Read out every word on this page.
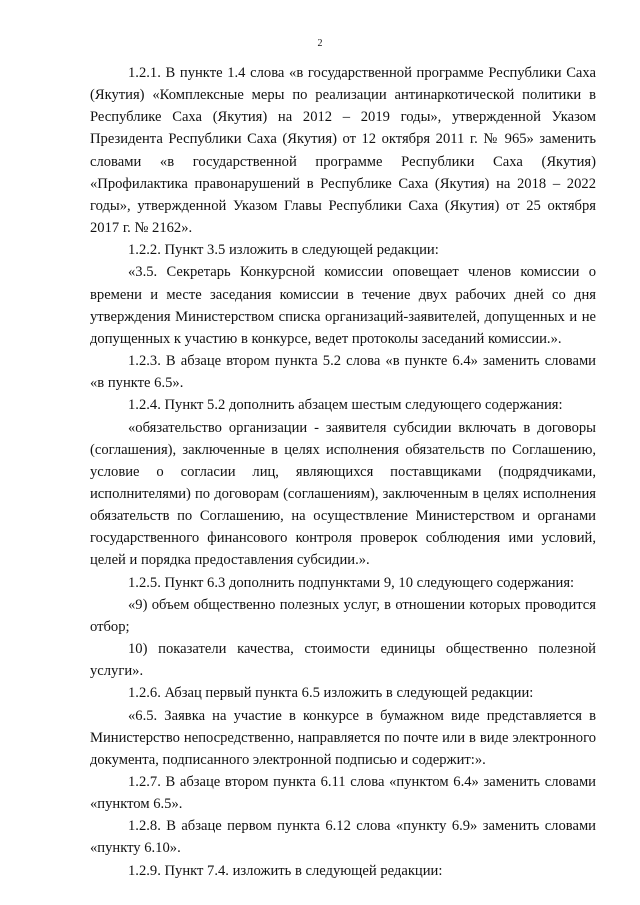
2

1.2.1. В пункте 1.4 слова «в государственной программе Республики Саха (Якутия) «Комплексные меры по реализации антинаркотической политики в Республике Саха (Якутия) на 2012 – 2019 годы», утвержденной Указом Президента Республики Саха (Якутия) от 12 октября 2011 г. № 965» заменить словами «в государственной программе Республики Саха (Якутия) «Профилактика правонарушений в Республике Саха (Якутия) на 2018 – 2022 годы», утвержденной Указом Главы Республики Саха (Якутия) от 25 октября 2017 г. № 2162».

1.2.2. Пункт 3.5 изложить в следующей редакции:

«3.5. Секретарь Конкурсной комиссии оповещает членов комиссии о времени и месте заседания комиссии в течение двух рабочих дней со дня утверждения Министерством списка организаций-заявителей, допущенных и не допущенных к участию в конкурсе, ведет протоколы заседаний комиссии.».

1.2.3. В абзаце втором пункта 5.2 слова «в пункте 6.4» заменить словами «в пункте 6.5».

1.2.4. Пункт 5.2 дополнить абзацем шестым следующего содержания:

«обязательство организации - заявителя субсидии включать в договоры (соглашения), заключенные в целях исполнения обязательств по Соглашению, условие о согласии лиц, являющихся поставщиками (подрядчиками, исполнителями) по договорам (соглашениям), заключенным в целях исполнения обязательств по Соглашению, на осуществление Министерством и органами государственного финансового контроля проверок соблюдения ими условий, целей и порядка предоставления субсидии.».

1.2.5. Пункт 6.3 дополнить подпунктами 9, 10 следующего содержания:

«9) объем общественно полезных услуг, в отношении которых проводится отбор;

10) показатели качества, стоимости единицы общественно полезной услуги».

1.2.6. Абзац первый пункта 6.5 изложить в следующей редакции:

«6.5. Заявка на участие в конкурсе в бумажном виде представляется в Министерство непосредственно, направляется по почте или в виде электронного документа, подписанного электронной подписью и содержит:».

1.2.7. В абзаце втором пункта 6.11 слова «пунктом 6.4» заменить словами «пунктом 6.5».

1.2.8. В абзаце первом пункта 6.12 слова «пункту 6.9» заменить словами «пункту 6.10».

1.2.9. Пункт 7.4. изложить в следующей редакции:
